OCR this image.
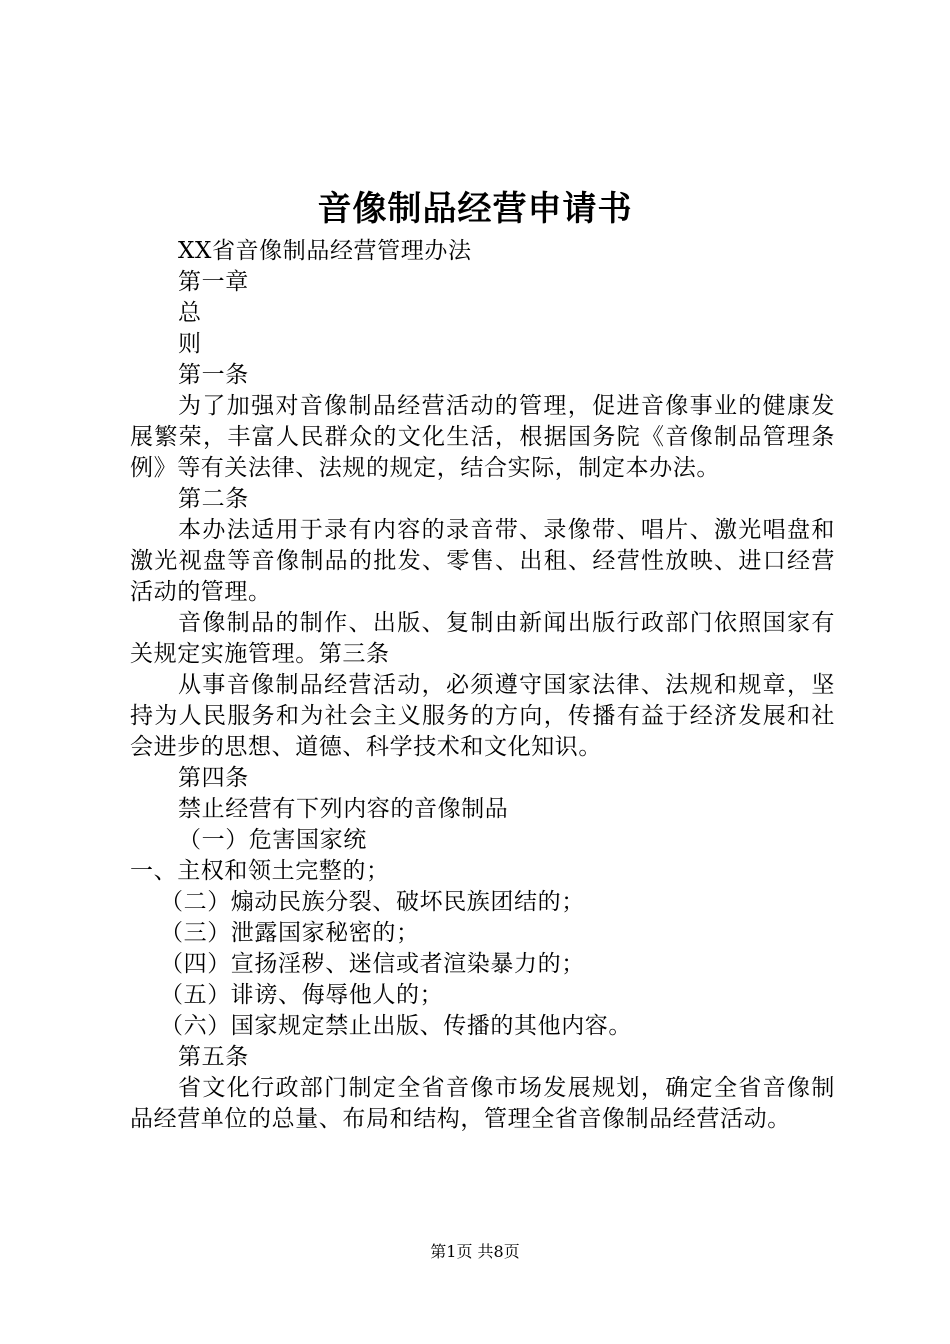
音像制品经营申请书

XX省音像制品经营管理办法

第一章

总

则

第一条

为了加强对音像制品经营活动的管理，促进音像事业的健康发展繁荣，丰富人民群众的文化生活，根据国务院《音像制品管理条例》等有关法律、法规的规定，结合实际，制定本办法。

第二条

本办法适用于录有内容的录音带、录像带、唱片、激光唱盘和激光视盘等音像制品的批发、零售、出租、经营性放映、进口经营活动的管理。

音像制品的制作、出版、复制由新闻出版行政部门依照国家有关规定实施管理。第三条

从事音像制品经营活动，必须遵守国家法律、法规和规章，坚持为人民服务和为社会主义服务的方向，传播有益于经济发展和社会进步的思想、道德、科学技术和文化知识。

第四条

禁止经营有下列内容的音像制品

（一）危害国家统

一、主权和领土完整的；

（二）煽动民族分裂、破坏民族团结的；

（三）泄露国家秘密的；

（四）宣扬淫秽、迷信或者渲染暴力的；

（五）诽谤、侮辱他人的；

（六）国家规定禁止出版、传播的其他内容。

第五条

省文化行政部门制定全省音像市场发展规划，确定全省音像制品经营单位的总量、布局和结构，管理全省音像制品经营活动。

第1页 共8页
